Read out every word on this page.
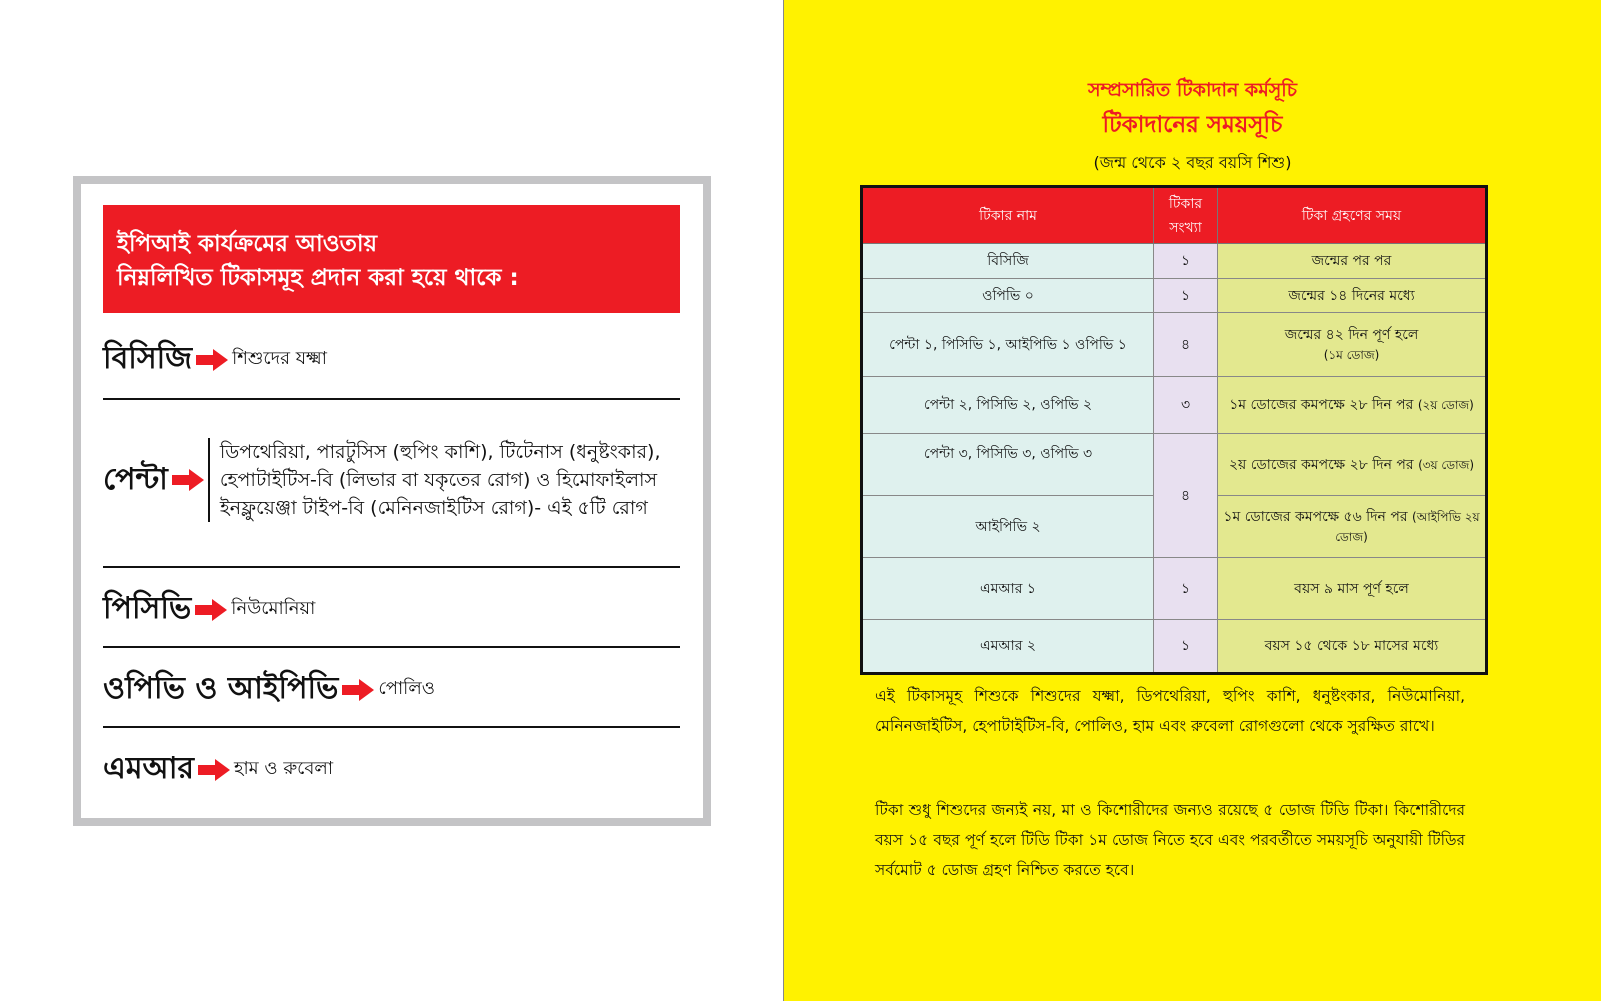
ইপিআই কার্যক্রমের আওতায়
নিম্নলিখিত টিকাসমূহ প্রদান করা হয়ে থাকে :
বিসিজি শিশুদের যক্ষ্মা
পেন্টা
ডিপথেরিয়া, পারটুসিস (হুপিং কাশি), টিটেনাস (ধনুষ্টংকার), হেপাটাইটিস-বি (লিভার বা যকৃতের রোগ) ও হিমোফাইলাস ইনফ্লুয়েঞ্জা টাইপ-বি (মেনিনজাইটিস রোগ)- এই ৫টি রোগ
পিসিভি নিউমোনিয়া
ওপিভি ও আইপিভি পোলিও
এমআর হাম ও রুবেলা
সম্প্রসারিত টিকাদান কর্মসূচি
টিকাদানের সময়সূচি
(জন্ম থেকে ২ বছর বয়সি শিশু)
টিকার নাম	টিকার সংখ্যা	টিকা গ্রহণের সময়
বিসিজি	১	জন্মের পর পর
ওপিভি ০	১	জন্মের ১৪ দিনের মধ্যে
পেন্টা ১, পিসিভি ১, আইপিভি ১ ওপিভি ১	৪	জন্মের ৪২ দিন পূর্ণ হলে
(১ম ডোজ)

পেন্টা ২, পিসিভি ২, ওপিভি ২	৩	১ম ডোজের কমপক্ষে ২৮ দিন পর (২য় ডোজ)
পেন্টা ৩, পিসিভি ৩, ওপিভি ৩	৪	২য় ডোজের কমপক্ষে ২৮ দিন পর (৩য় ডোজ)
আইপিভি ২		১ম ডোজের কমপক্ষে ৫৬ দিন পর (আইপিভি ২য় ডোজ)
এমআর ১	১	বয়স ৯ মাস পূর্ণ হলে
এমআর ২	১	বয়স ১৫ থেকে ১৮ মাসের মধ্যে
এই টিকাসমূহ শিশুকে শিশুদের যক্ষ্মা, ডিপথেরিয়া, হুপিং কাশি, ধনুষ্টংকার, নিউমোনিয়া, মেনিনজাইটিস, হেপাটাইটিস-বি, পোলিও, হাম এবং রুবেলা রোগগুলো থেকে সুরক্ষিত রাখে।
টিকা শুধু শিশুদের জন্যই নয়, মা ও কিশোরীদের জন্যও রয়েছে ৫ ডোজ টিডি টিকা। কিশোরীদের বয়স ১৫ বছর পূর্ণ হলে টিডি টিকা ১ম ডোজ নিতে হবে এবং পরবর্তীতে সময়সূচি অনুযায়ী টিডির সর্বমোট ৫ ডোজ গ্রহণ নিশ্চিত করতে হবে।
